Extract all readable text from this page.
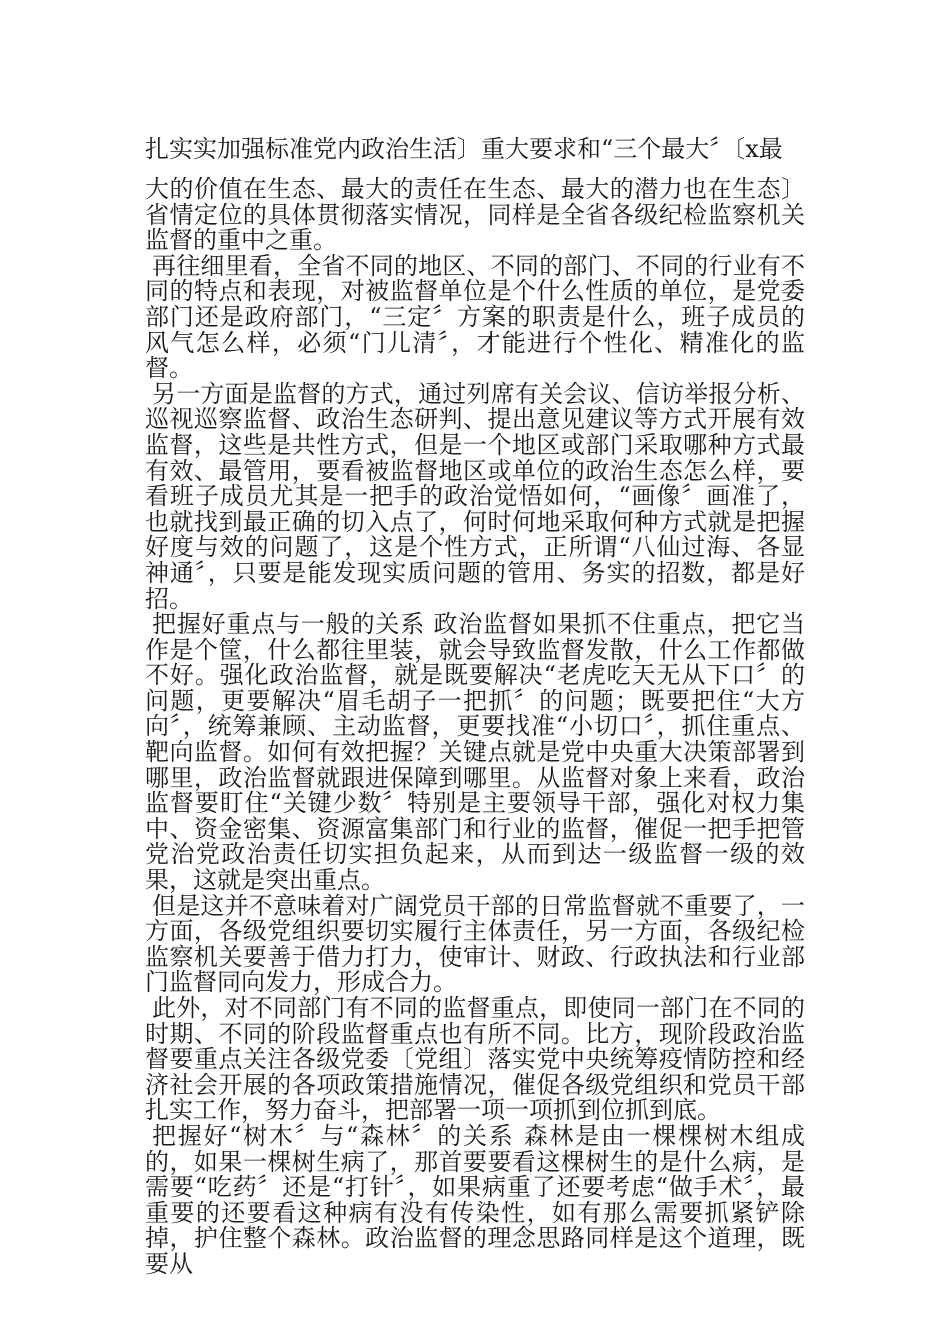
扎实实加强标准党内政治生活〕重大要求和“三个最大〞〔x最

大的价值在生态、最大的责任在生态、最大的潜力也在生态〕省情定位的具体贯彻落实情况，同样是全省各级纪检监察机关监督的重中之重。

再往细里看，全省不同的地区、不同的部门、不同的行业有不同的特点和表现，对被监督单位是个什么性质的单位，是党委部门还是政府部门，“三定〞方案的职责是什么，班子成员的风气怎么样，必须“门儿清〞，才能进行个性化、精准化的监督。

另一方面是监督的方式，通过列席有关会议、信访举报分析、巡视巡察监督、政治生态研判、提出意见建议等方式开展有效监督，这些是共性方式，但是一个地区或部门采取哪种方式最有效、最管用，要看被监督地区或单位的政治生态怎么样，要看班子成员尤其是一把手的政治觉悟如何，“画像〞画准了，也就找到最正确的切入点了，何时何地采取何种方式就是把握好度与效的问题了，这是个性方式，正所谓“八仙过海、各显神通〞，只要是能发现实质问题的管用、务实的招数，都是好招。

把握好重点与一般的关系 政治监督如果抓不住重点，把它当作是个筐，什么都往里装，就会导致监督发散，什么工作都做不好。强化政治监督，就是既要解决“老虎吃天无从下口〞的问题，更要解决“眉毛胡子一把抓〞的问题；既要把住“大方向〞，统筹兼顾、主动监督，更要找准“小切口〞，抓住重点、靶向监督。如何有效把握？关键点就是党中央重大决策部署到哪里，政治监督就跟进保障到哪里。从监督对象上来看，政治监督要盯住“关键少数〞特别是主要领导干部，强化对权力集中、资金密集、资源富集部门和行业的监督，催促一把手把管党治党政治责任切实担负起来，从而到达一级监督一级的效果，这就是突出重点。

但是这并不意味着对广阔党员干部的日常监督就不重要了，一方面，各级党组织要切实履行主体责任，另一方面，各级纪检监察机关要善于借力打力，使审计、财政、行政执法和行业部门监督同向发力，形成合力。

此外，对不同部门有不同的监督重点，即使同一部门在不同的时期、不同的阶段监督重点也有所不同。比方，现阶段政治监督要重点关注各级党委〔党组〕落实党中央统筹疫情防控和经济社会开展的各项政策措施情况，催促各级党组织和党员干部扎实工作，努力奋斗，把部署一项一项抓到位抓到底。

把握好“树木〞与“森林〞的关系 森林是由一棵棵树木组成的，如果一棵树生病了，那首要要看这棵树生的是什么病，是需要“吃药〞还是“打针〞，如果病重了还要考虑“做手术〞，最重要的还要看这种病有没有传染性，如有那么需要抓紧铲除掉，护住整个森林。政治监督的理念思路同样是这个道理，既要从
